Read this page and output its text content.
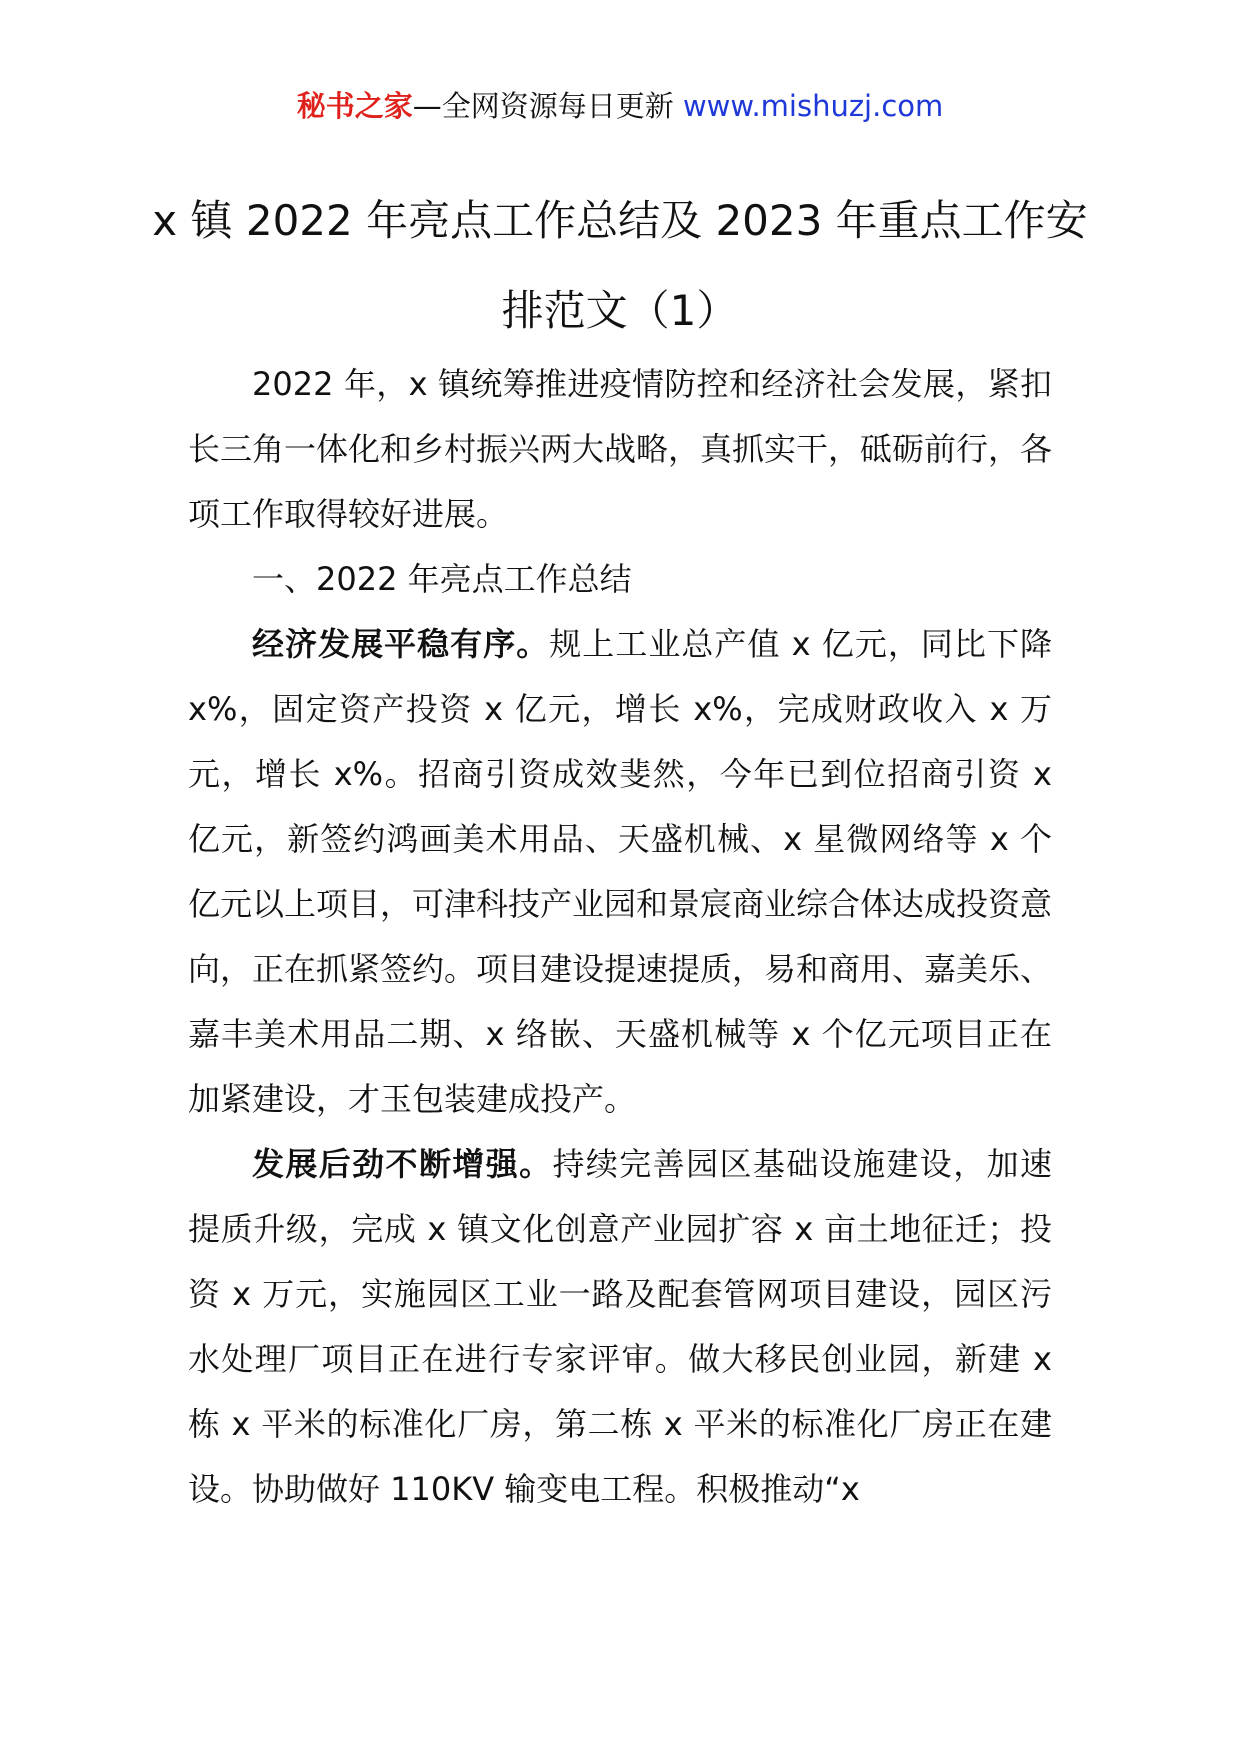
秘书之家—全网资源每日更新 www.mishuzj.com
x 镇 2022 年亮点工作总结及 2023 年重点工作安排范文（1）

2022 年，x 镇统筹推进疫情防控和经济社会发展，紧扣长三角一体化和乡村振兴两大战略，真抓实干，砥砺前行，各项工作取得较好进展。

一、2022 年亮点工作总结

经济发展平稳有序。规上工业总产值 x 亿元，同比下降 x%，固定资产投资 x 亿元，增长 x%，完成财政收入 x 万元，增长 x%。招商引资成效斐然，今年已到位招商引资 x 亿元，新签约鸿画美术用品、天盛机械、x 星微网络等 x 个亿元以上项目，可津科技产业园和景宸商业综合体达成投资意向，正在抓紧签约。项目建设提速提质，易和商用、嘉美乐、嘉丰美术用品二期、x 络嵌、天盛机械等 x 个亿元项目正在加紧建设，才玉包装建成投产。

发展后劲不断增强。持续完善园区基础设施建设，加速提质升级，完成 x 镇文化创意产业园扩容 x 亩土地征迁；投资 x 万元，实施园区工业一路及配套管网项目建设，园区污水处理厂项目正在进行专家评审。做大移民创业园，新建 x 栋 x 平米的标准化厂房，第二栋 x 平米的标准化厂房正在建设。协助做好 110KV 输变电工程。积极推动“x
